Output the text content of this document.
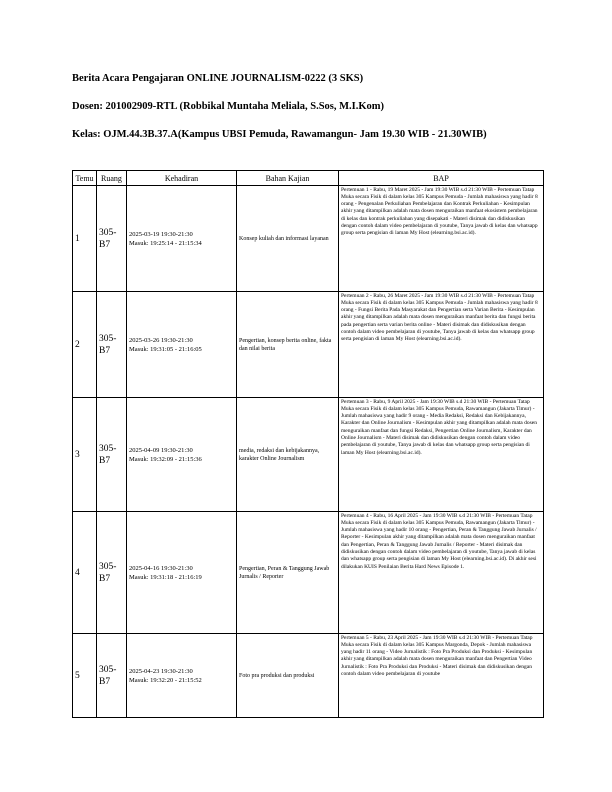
Berita Acara Pengajaran ONLINE JOURNALISM-0222 (3 SKS)
Dosen: 201002909-RTL (Robbikal Muntaha Meliala, S.Sos, M.I.Kom)
Kelas: OJM.44.3B.37.A(Kampus UBSI Pemuda, Rawamangun- Jam 19.30 WIB - 21.30WIB)
Temu	Ruang	Kehadiran	Bahan Kajian	BAP
1	305-B7	2025-03-19 19:30-21:30
Masuk: 19:25:14 - 21:15:34	Konsep kuliah dan informasi layanan	Pertemuan 1 - Rabu, 19 Maret 2025 - Jam 19:30 WIB s.d 21:30 WIB - Pertemuan Tatap Muka secara Fisik di dalam kelas 305 Kampus Pemuda - Jumlah mahasiswa yang hadir 8 orang - Pengenalan Perkuliahan Pembelajaran dan Kontrak Perkuliahan - Kesimpulan akhir yang ditampilkan adalah mata dosen menguraikan manfaat ekosistem pembelajaran di kelas dan kontrak perkuliahan yang disepakati - Materi disimak dan didiskusikan dengan contoh dalam video pembelajaran di youtube, Tanya jawab di kelas dan whatsapp group serta pengisian di laman My Host (elearning.bsi.ac.id).

2	305-B7	2025-03-26 19:30-21:30
Masuk: 19:31:05 - 21:16:05	Pengertian, konsep berita online, fakta dan nilai berita	Pertemuan 2 - Rabu, 26 Maret 2025 - Jam 19:30 WIB s.d 21:30 WIB - Pertemuan Tatap Muka secara Fisik di dalam kelas 305 Kampus Pemuda - Jumlah mahasiswa yang hadir 8 orang - Fungsi Berita Pada Masyarakat dan Pengertian serta Varian Berita - Kesimpulan akhir yang ditampilkan adalah mata dosen menguraikan manfaat berita dan fungsi berita pada pengertian serta varian berita online - Materi disimak dan didiskusikan dengan contoh dalam video pembelajaran di youtube, Tanya jawab di kelas dan whatsapp group serta pengisian di laman My Host (elearning.bsi.ac.id).

3	305-B7	2025-04-09 19:30-21:30
Masuk: 19:32:09 - 21:15:36	media, redaksi dan kebijakannya, karakter Online Journalism	Pertemuan 3 - Rabu, 9 April 2025 - Jam 19:30 WIB s.d 21:30 WIB - Pertemuan Tatap Muka secara Fisik di dalam kelas 305 Kampus Pemuda, Rawamangun (Jakarta Timur) - Jumlah mahasiswa yang hadir 9 orang - Media Redaksi, Redaksi dan Kebijakannya, Karakter dan Online Journalism - Kesimpulan akhir yang ditampilkan adalah mata dosen menguraikan manfaat dan fungsi Redaksi, Pengertian Online Journalism, Karakter dan Online Journalism - Materi disimak dan didiskusikan dengan contoh dalam video pembelajaran di youtube, Tanya jawab di kelas dan whatsapp group serta pengisian di laman My Host (elearning.bsi.ac.id).

4	305-B7	2025-04-16 19:30-21:30
Masuk: 19:31:18 - 21:16:19	Pengertian, Peran & Tanggung Jawab Jurnalis / Reporter	Pertemuan 4 - Rabu, 16 April 2025 - Jam 19:30 WIB s.d 21:30 WIB - Pertemuan Tatap Muka secara Fisik di dalam kelas 305 Kampus Pemuda, Rawamangun (Jakarta Timur) - Jumlah mahasiswa yang hadir 10 orang - Pengertian, Peran & Tanggung Jawab Jurnalis / Reporter - Kesimpulan akhir yang ditampilkan adalah mata dosen menguraikan manfaat dan Pengertian, Peran & Tanggung Jawab Jurnalis / Reporter - Materi disimak dan didiskusikan dengan contoh dalam video pembelajaran di youtube, Tanya jawab di kelas dan whatsapp group serta pengisian di laman My Host (elearning.bsi.ac.id). Di akhir sesi dilakukan KUIS Penilaian Berita Hard News Episode 1.

5	305-B7	2025-04-23 19:30-21:30
Masuk: 19:32:20 - 21:15:52	Foto pra produksi dan produksi	Pertemuan 5 - Rabu, 23 April 2025 - Jam 19:30 WIB s.d 21:30 WIB - Pertemuan Tatap Muka secara Fisik di dalam kelas 305 Kampus Margonda, Depok - Jumlah mahasiswa yang hadir 11 orang - Video Jurnalistik : Foto Pra Produksi dan Produksi - Kesimpulan akhir yang ditampilkan adalah mata dosen menguraikan manfaat dan Pengertian Video Jurnalistik : Foto Pra Produksi dan Produksi - Materi disimak dan didiskusikan dengan contoh dalam video pembelajaran di youtube
